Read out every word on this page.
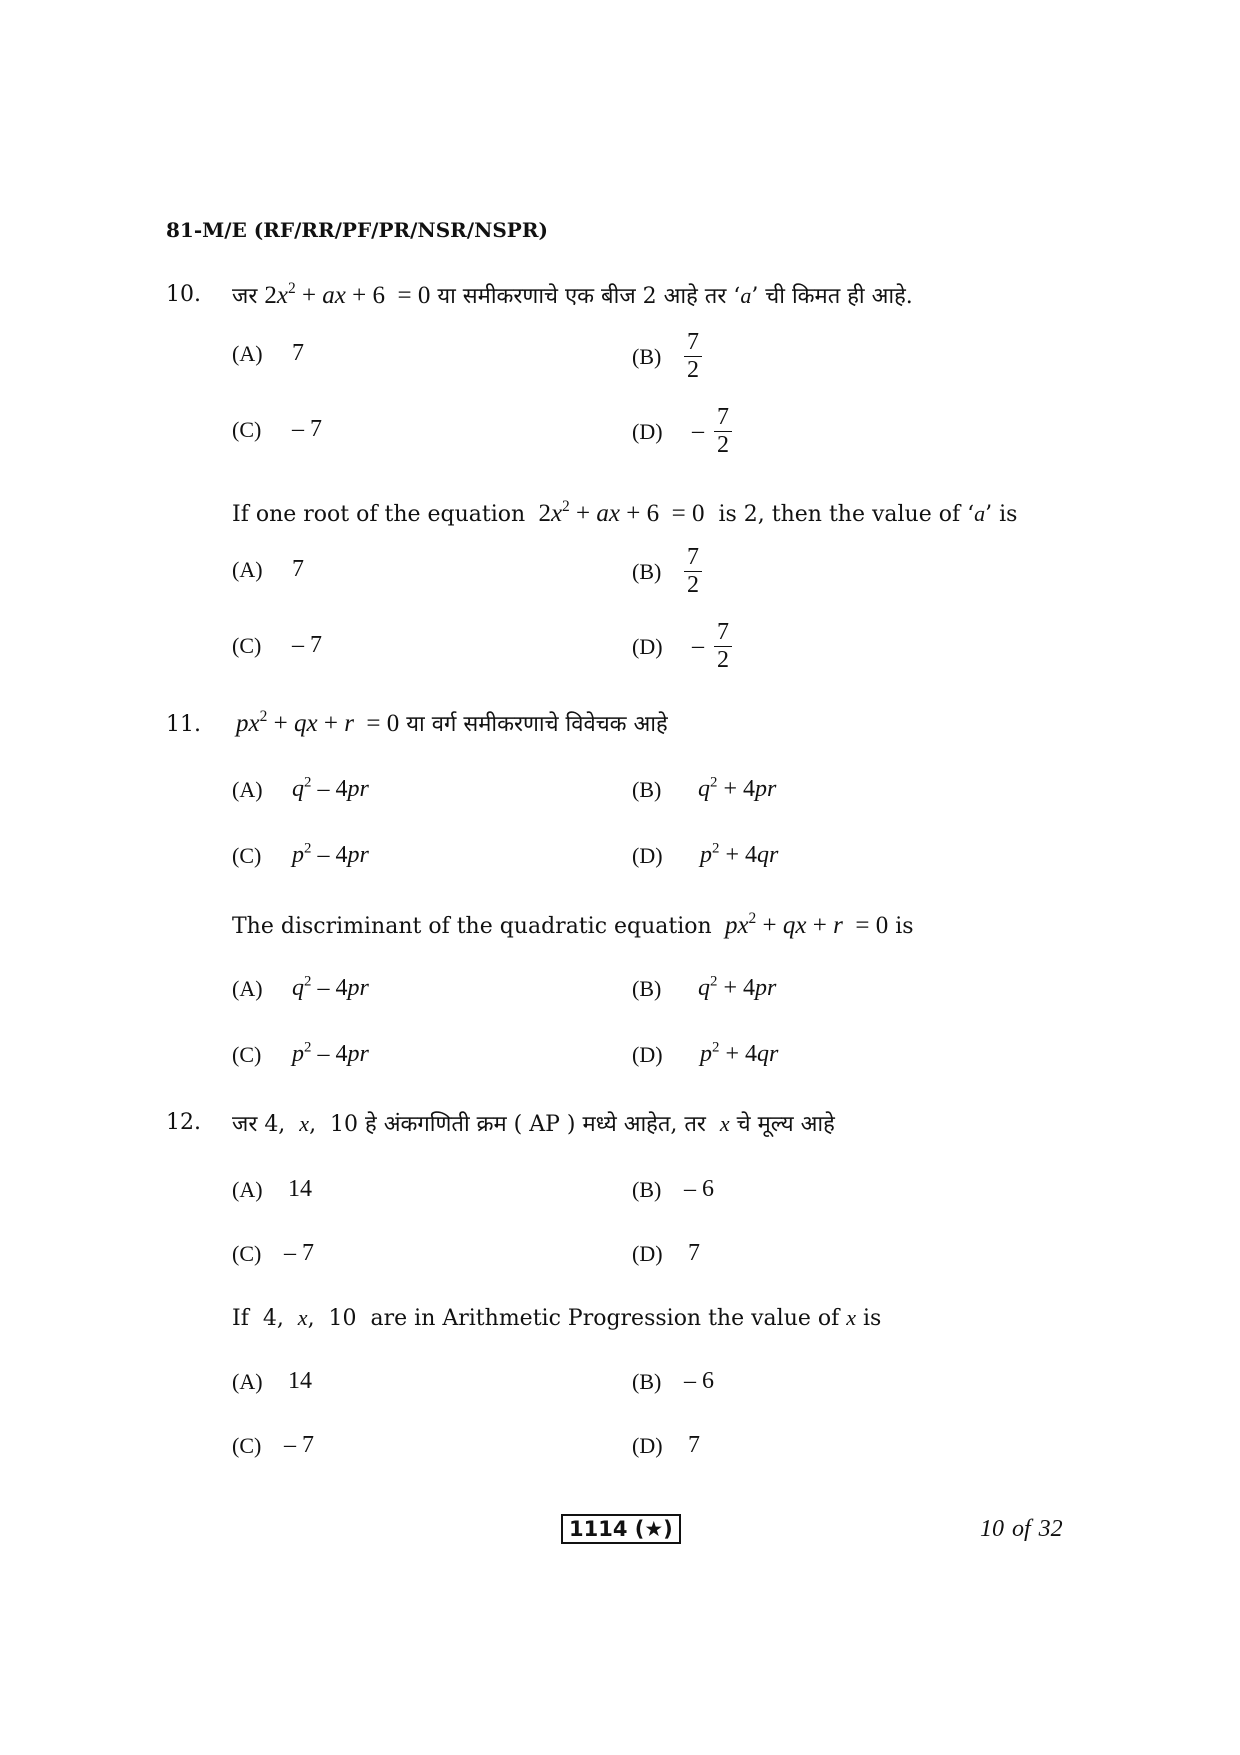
81-M/E (RF/RR/PF/PR/NSR/NSPR)
10. जर $2x^2$ + ax + 6  = 0 या समीकरणाचे एक बीज 2 आहे तर ‘a’ ची किमत ही आहे.
(A)	7	$(B) \frac{7}{2}$
(C)	– 7	(D)	– $\frac{7}{2}$
If one root of the equation  $2x^2$ + ax + 6  = 0  is 2, then the value of ‘a’ is
(A)	7	$(B) \frac{7}{2}$
(C)	– 7	(D)	– $\frac{7}{2}$
11. $px^2$ + qx + r  = 0 या वर्ग समीकरणाचे विवेचक आहे
(A)	$q^2 - 4pr$	(B)	$q^2 + 4pr$
(C)	$p^2 - 4pr$	(D)	$p^2 + 4qr$
The discriminant of the quadratic equation $px^2$ + qx + r  = 0 is
(A)	$q^2 - 4pr$	(B)	$q^2 + 4pr$
(C)	$p^2 - 4pr$	(D)	$p^2 + 4qr$
12. जर 4,  x,  10 हे अंकगणिती क्रम ( AP ) मध्ये आहेत, तर  x चे मूल्य आहे
(A)	14	(B) – 6
(C) – 7	(D)	7
If  4,  x,  10  are in Arithmetic Progression the value of x is
(A)	14	(B) – 6
(C) – 7	(D)	7
1114 (★)	10 of 32
